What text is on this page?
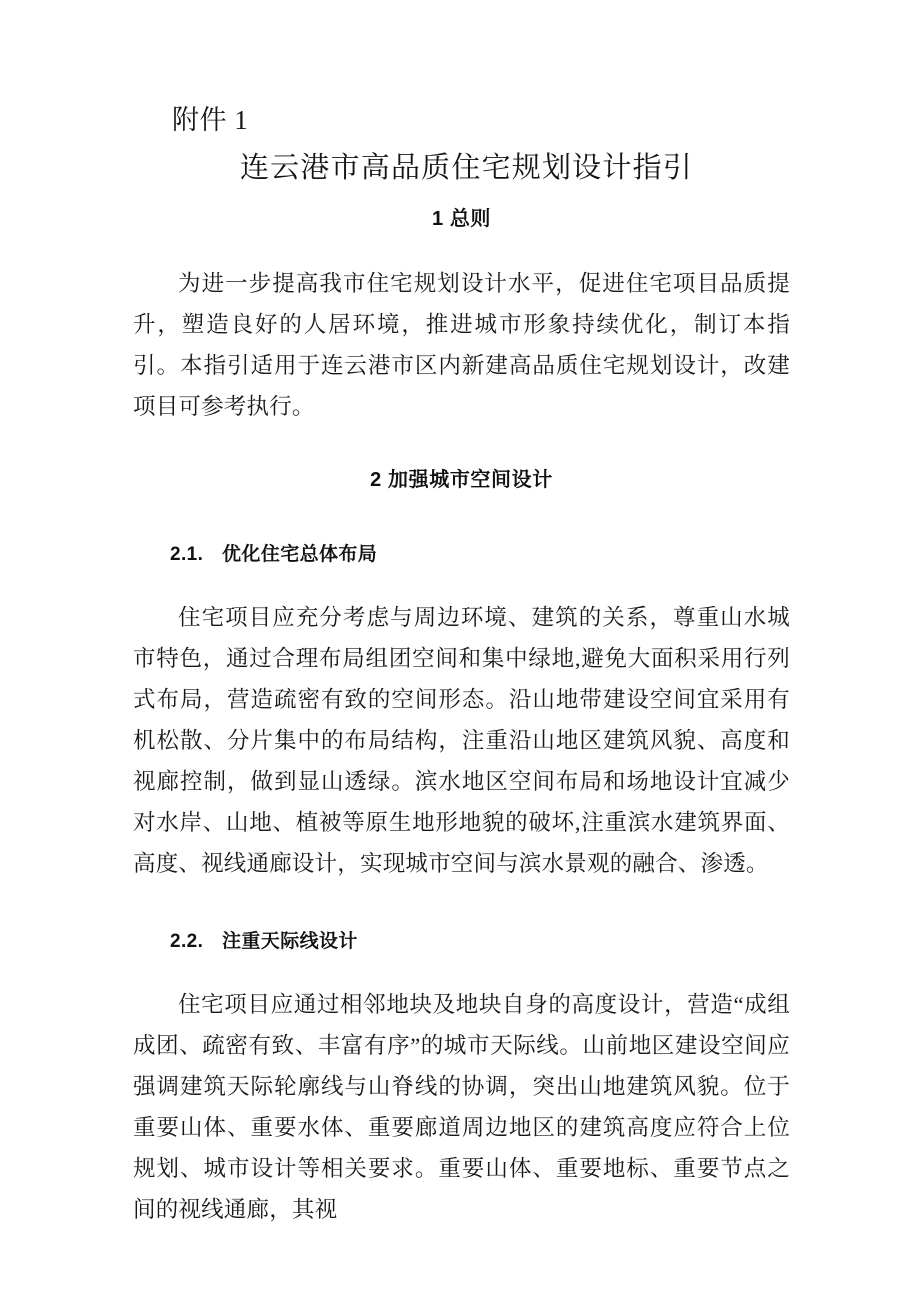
附件 1
连云港市高品质住宅规划设计指引
1 总则

为进一步提高我市住宅规划设计水平，促进住宅项目品质提升，塑造良好的人居环境，推进城市形象持续优化，制订本指引。本指引适用于连云港市区内新建高品质住宅规划设计，改建项目可参考执行。

2 加强城市空间设计
2.1. 优化住宅总体布局

住宅项目应充分考虑与周边环境、建筑的关系，尊重山水城市特色，通过合理布局组团空间和集中绿地,避免大面积采用行列式布局，营造疏密有致的空间形态。沿山地带建设空间宜采用有机松散、分片集中的布局结构，注重沿山地区建筑风貌、高度和视廊控制，做到显山透绿。滨水地区空间布局和场地设计宜减少对水岸、山地、植被等原生地形地貌的破坏,注重滨水建筑界面、高度、视线通廊设计，实现城市空间与滨水景观的融合、渗透。

2.2. 注重天际线设计

住宅项目应通过相邻地块及地块自身的高度设计，营造“成组成团、疏密有致、丰富有序”的城市天际线。山前地区建设空间应强调建筑天际轮廓线与山脊线的协调，突出山地建筑风貌。位于重要山体、重要水体、重要廊道周边地区的建筑高度应符合上位规划、城市设计等相关要求。重要山体、重要地标、重要节点之间的视线通廊，其视
